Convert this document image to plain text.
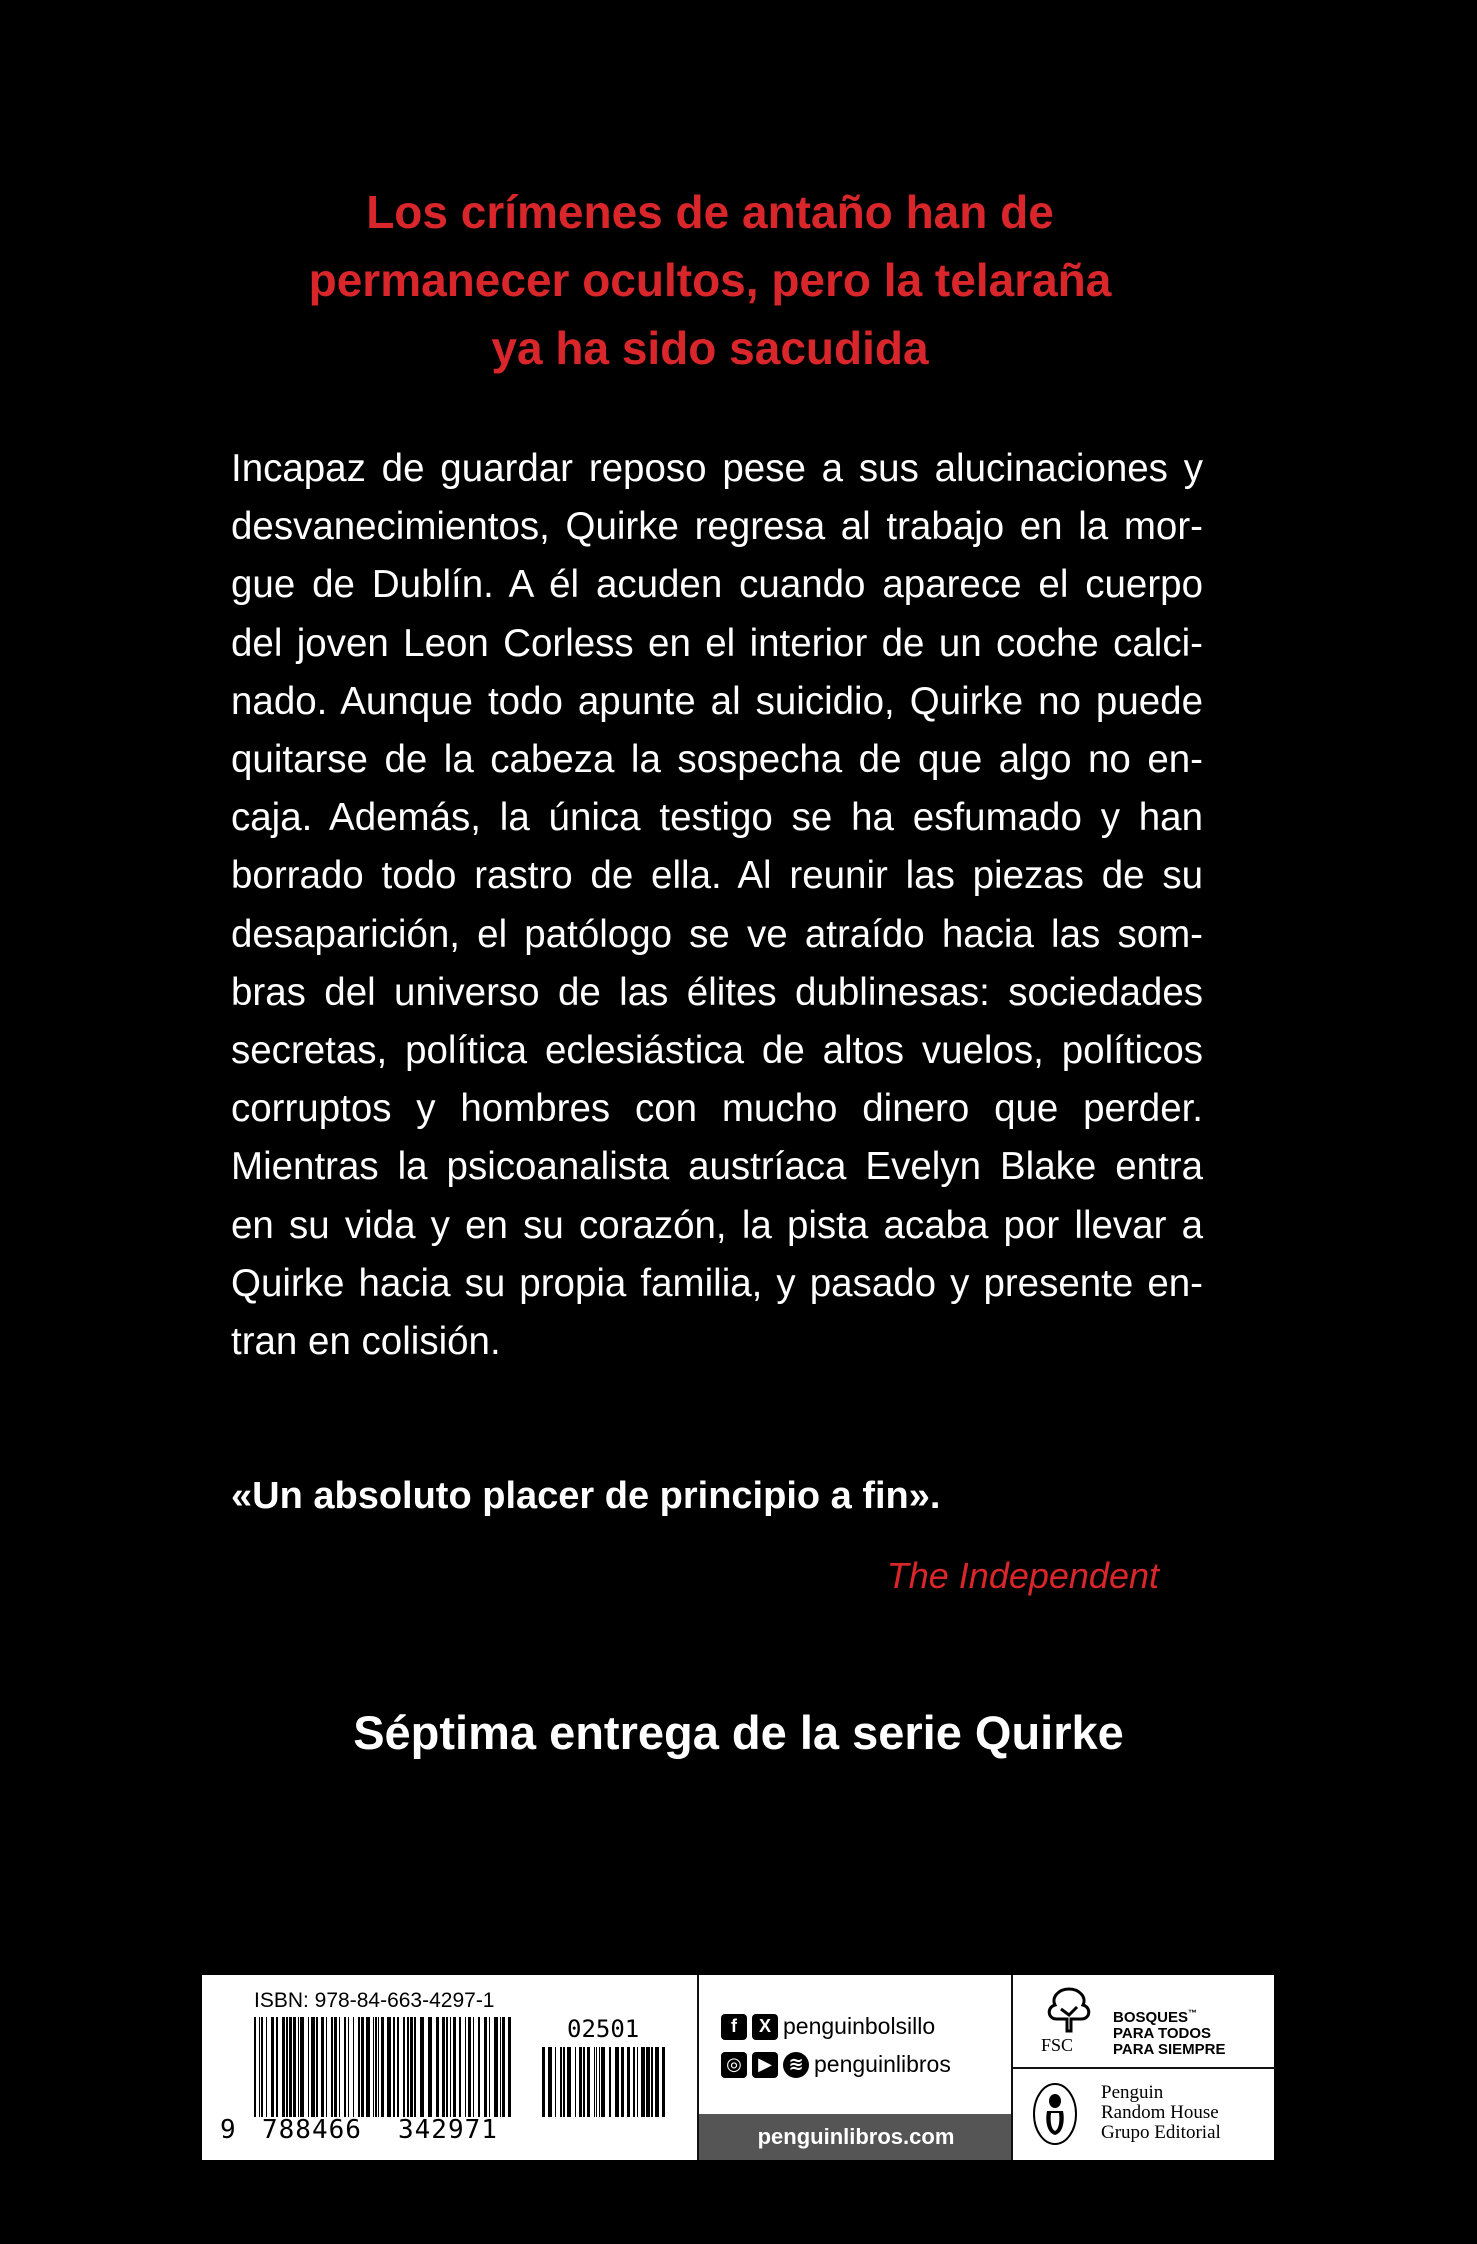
Los crímenes de antaño han de
permanecer ocultos, pero la telaraña
ya ha sido sacudida
Incapaz de guardar reposo pese a sus alucinaciones y
desvanecimientos, Quirke regresa al trabajo en la mor-
gue de Dublín. A él acuden cuando aparece el cuerpo
del joven Leon Corless en el interior de un coche calci-
nado. Aunque todo apunte al suicidio, Quirke no puede
quitarse de la cabeza la sospecha de que algo no en-
caja. Además, la única testigo se ha esfumado y han
borrado todo rastro de ella. Al reunir las piezas de su
desaparición, el patólogo se ve atraído hacia las som-
bras del universo de las élites dublinesas: sociedades
secretas, política eclesiástica de altos vuelos, políticos
corruptos y hombres con mucho dinero que perder.
Mientras la psicoanalista austríaca Evelyn Blake entra
en su vida y en su corazón, la pista acaba por llevar a
Quirke hacia su propia familia, y pasado y presente en-
tran en colisión.
«Un absoluto placer de principio a fin».
The Independent
Séptima entrega de la serie Quirke
ISBN: 978-84-663-4297-1
9 788466 342971
02501	f	X penguinbolsillo
◎ ▶ ≋ penguinlibros
penguinlibros.com
FSC
BOSQUES™
PARA TODOS
PARA SIEMPRE
Penguin
Random House
Grupo Editorial
